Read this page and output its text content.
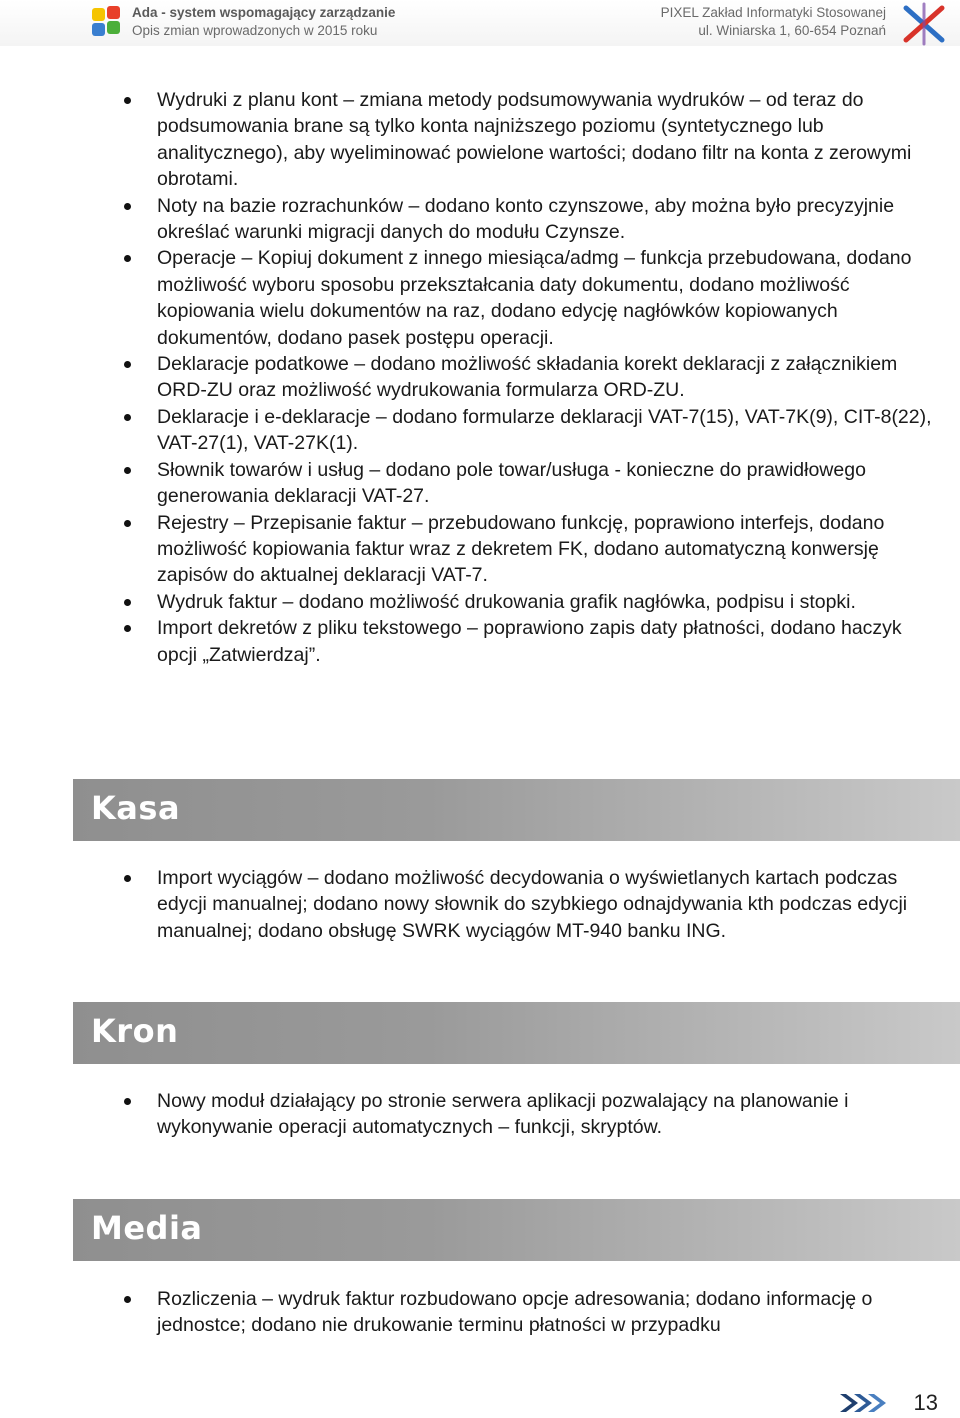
Ada - system wspomagający zarządzanie
Opis zmian wprowadzonych w 2015 roku
PIXEL Zakład Informatyki Stosowanej
ul. Winiarska 1, 60-654 Poznań
Wydruki z planu kont – zmiana metody podsumowywania wydruków – od teraz do podsumowania brane są tylko konta najniższego poziomu (syntetycznego lub analitycznego), aby wyeliminować powielone wartości; dodano filtr na konta z zerowymi obrotami.
Noty na bazie rozrachunków – dodano konto czynszowe, aby można było precyzyjnie określać warunki migracji danych do modułu Czynsze.
Operacje – Kopiuj dokument z innego miesiąca/admg – funkcja przebudowana, dodano możliwość wyboru sposobu przekształcania daty dokumentu, dodano możliwość kopiowania wielu dokumentów na raz, dodano edycję nagłówków kopiowanych dokumentów, dodano pasek postępu operacji.
Deklaracje podatkowe – dodano możliwość składania korekt deklaracji z załącznikiem ORD-ZU oraz możliwość wydrukowania formularza ORD-ZU.
Deklaracje i e-deklaracje – dodano formularze deklaracji VAT-7(15), VAT-7K(9), CIT-8(22), VAT-27(1), VAT-27K(1).
Słownik towarów i usług – dodano pole towar/usługa - konieczne do prawidłowego generowania deklaracji VAT-27.
Rejestry – Przepisanie faktur – przebudowano funkcję, poprawiono interfejs, dodano możliwość kopiowania faktur wraz z dekretem FK, dodano automatyczną konwersję zapisów do aktualnej deklaracji VAT-7.
Wydruk faktur – dodano możliwość drukowania grafik nagłówka, podpisu i stopki.
Import dekretów z pliku tekstowego – poprawiono zapis daty płatności, dodano haczyk opcji „Zatwierdzaj”.
Kasa
Import wyciągów – dodano możliwość decydowania o wyświetlanych kartach podczas edycji manualnej; dodano nowy słownik do szybkiego odnajdywania kth podczas edycji manualnej; dodano obsługę SWRK wyciągów MT-940 banku ING.
Kron
Nowy moduł działający po stronie serwera aplikacji pozwalający na planowanie i wykonywanie operacji automatycznych – funkcji, skryptów.
Media
Rozliczenia – wydruk faktur rozbudowano opcje adresowania; dodano informację o jednostce; dodano nie drukowanie terminu płatności w przypadku
13
